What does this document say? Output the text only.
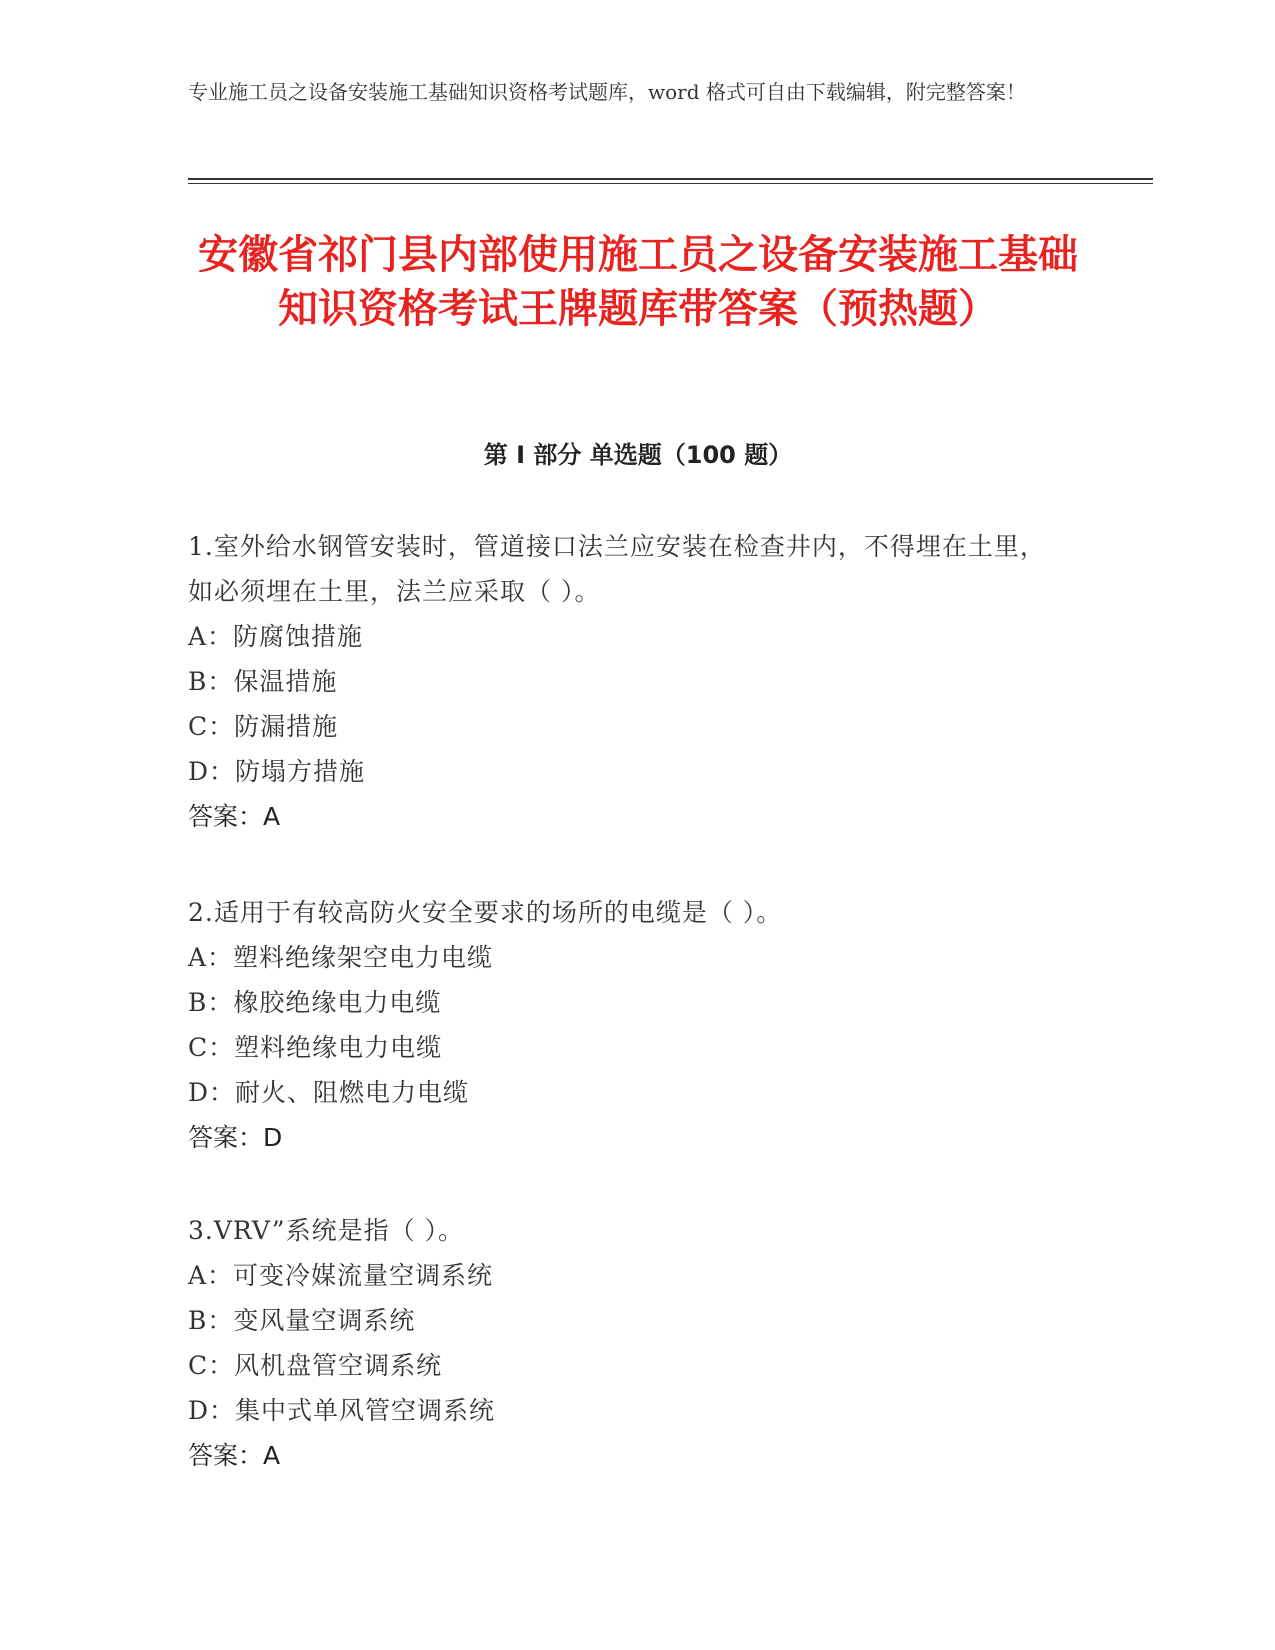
专业施工员之设备安装施工基础知识资格考试题库，word 格式可自由下载编辑，附完整答案！
安徽省祁门县内部使用施工员之设备安装施工基础知识资格考试王牌题库带答案（预热题）
第 I 部分 单选题（100 题）
1.室外给水钢管安装时，管道接口法兰应安装在检查井内，不得埋在土里，如必须埋在土里，法兰应采取（ ）。
A：防腐蚀措施
B：保温措施
C：防漏措施
D：防塌方措施
答案：A
2.适用于有较高防火安全要求的场所的电缆是（ ）。
A：塑料绝缘架空电力电缆
B：橡胶绝缘电力电缆
C：塑料绝缘电力电缆
D：耐火、阻燃电力电缆
答案：D
3.VRV”系统是指（ ）。
A：可变冷媒流量空调系统
B：变风量空调系统
C：风机盘管空调系统
D：集中式单风管空调系统
答案：A
